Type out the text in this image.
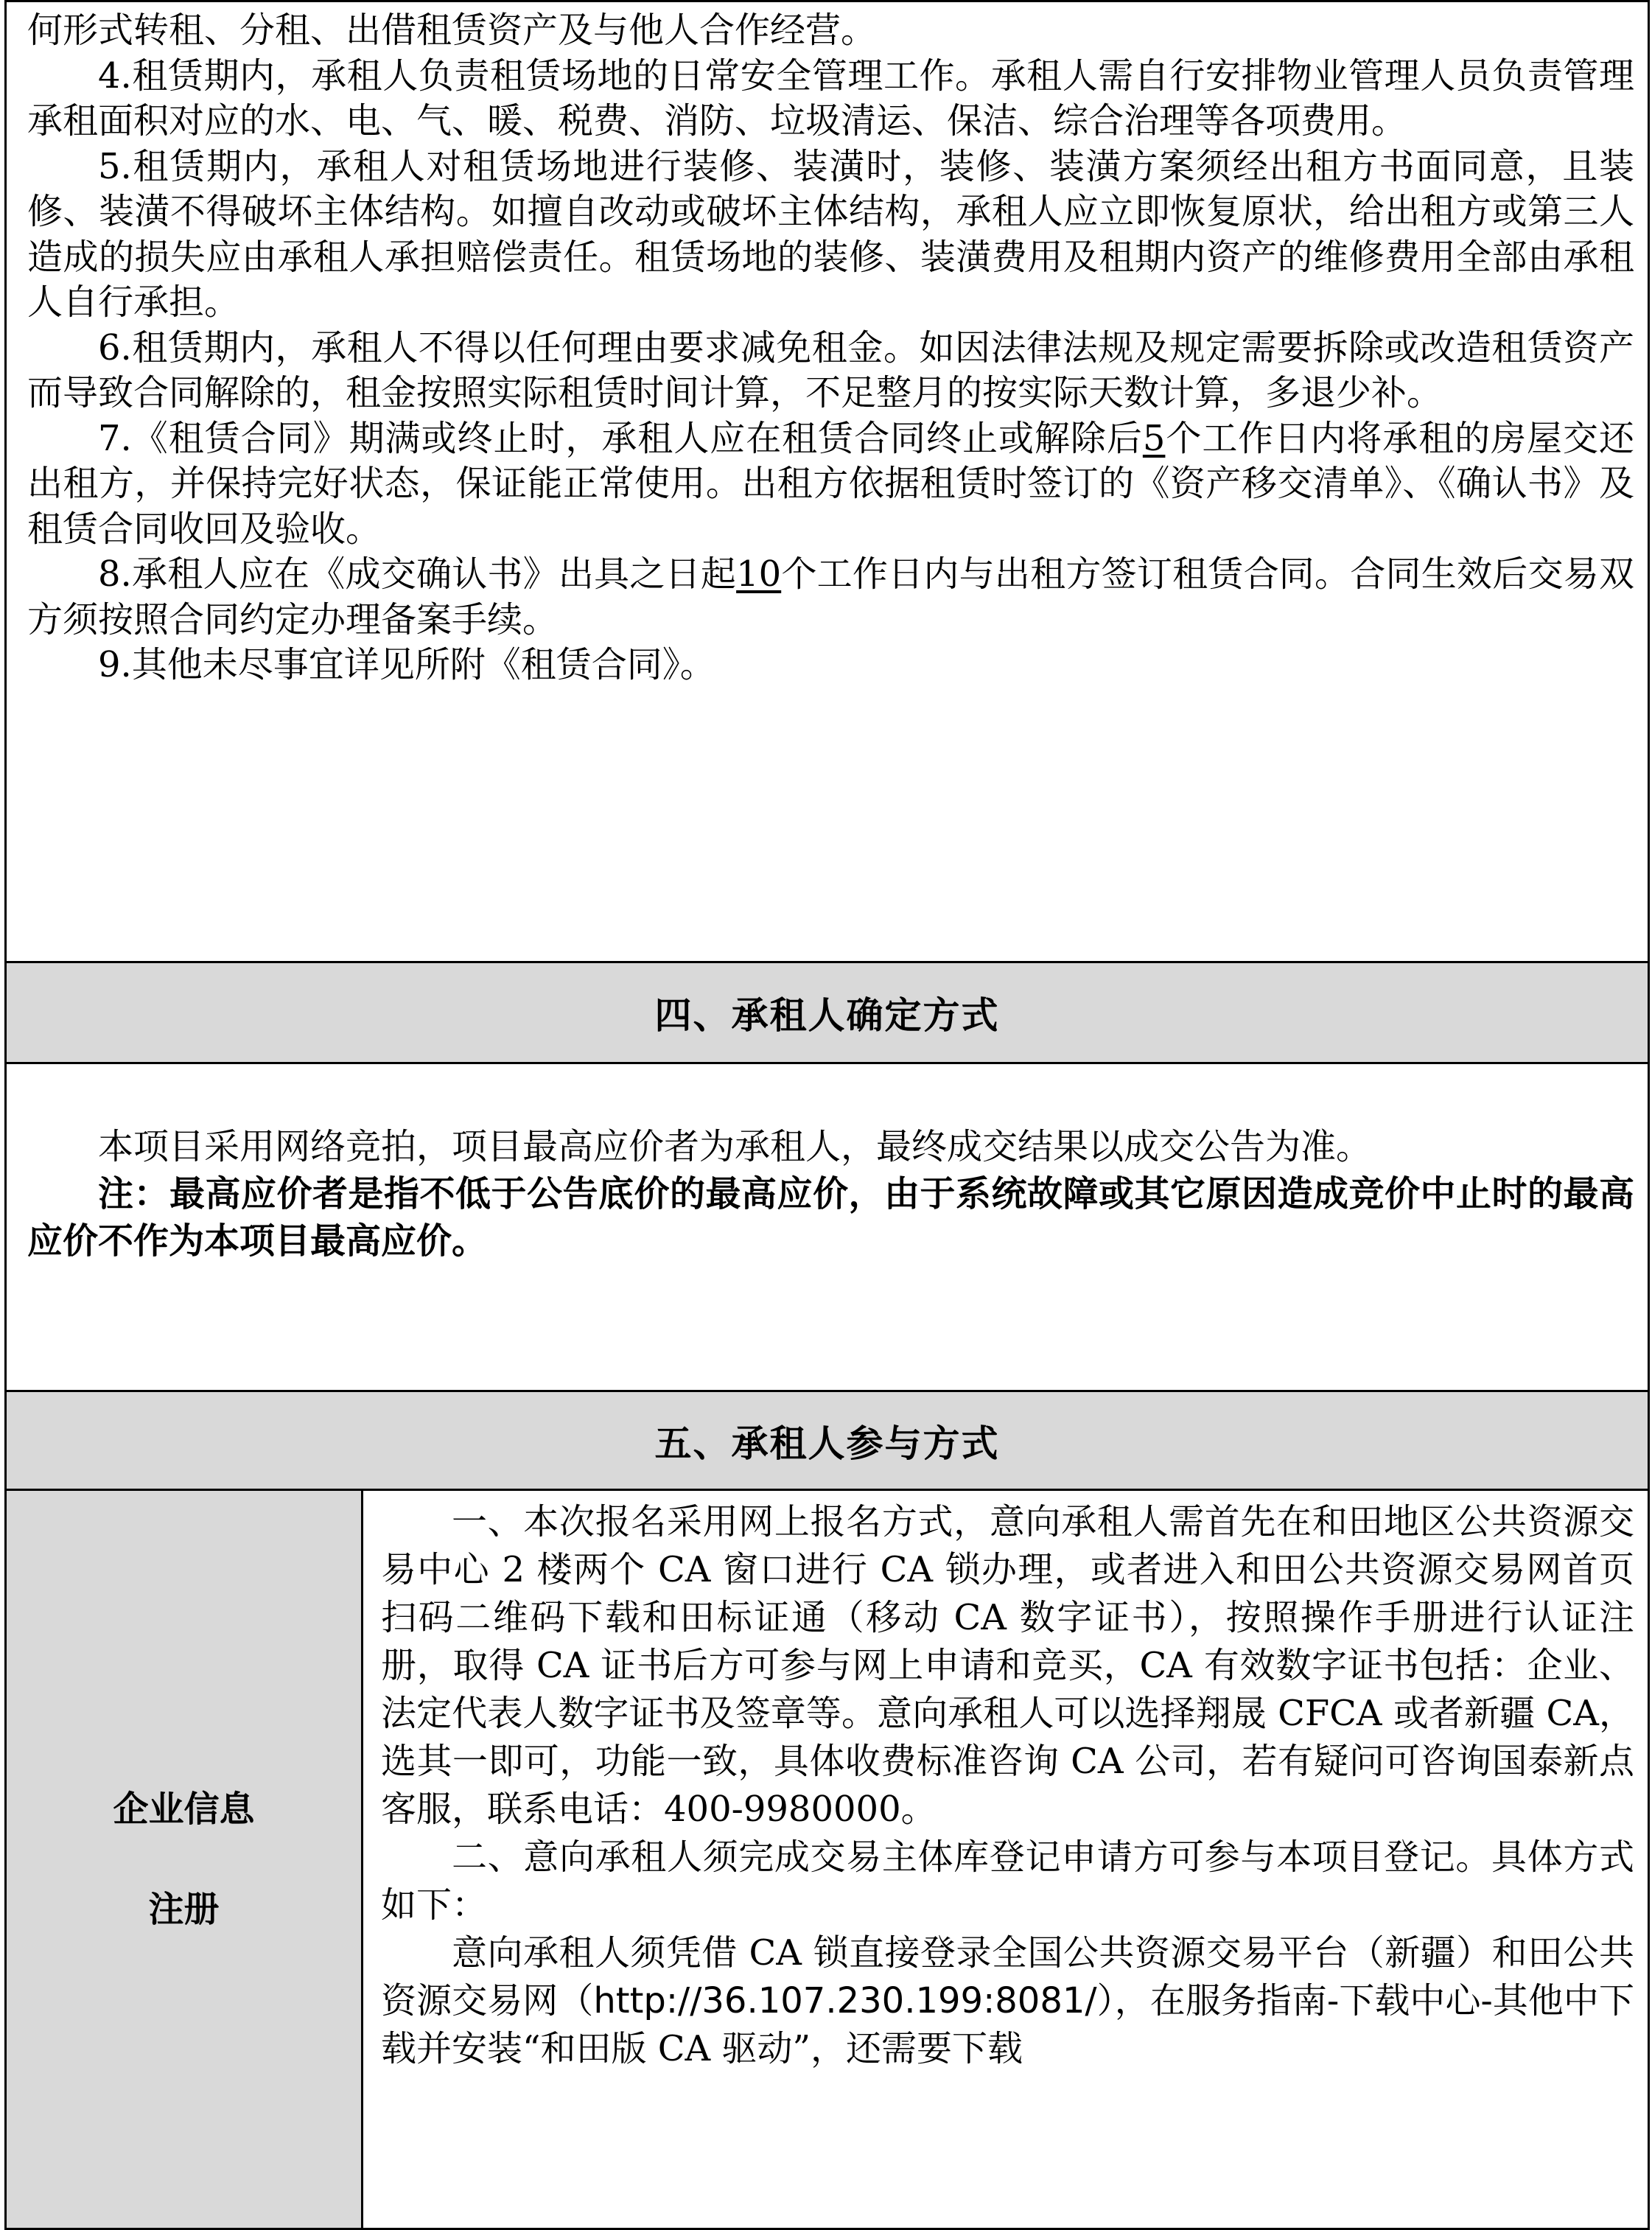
何形式转租、分租、出借租赁资产及与他人合作经营。

4.租赁期内，承租人负责租赁场地的日常安全管理工作。承租人需自行安排物业管理人员负责管理承租面积对应的水、电、气、暖、税费、消防、垃圾清运、保洁、综合治理等各项费用。

5.租赁期内，承租人对租赁场地进行装修、装潢时，装修、装潢方案须经出租方书面同意，且装修、装潢不得破坏主体结构。如擅自改动或破坏主体结构，承租人应立即恢复原状，给出租方或第三人造成的损失应由承租人承担赔偿责任。租赁场地的装修、装潢费用及租期内资产的维修费用全部由承租人自行承担。

6.租赁期内，承租人不得以任何理由要求减免租金。如因法律法规及规定需要拆除或改造租赁资产而导致合同解除的，租金按照实际租赁时间计算，不足整月的按实际天数计算，多退少补。

7.《租赁合同》期满或终止时，承租人应在租赁合同终止或解除后5个工作日内将承租的房屋交还出租方，并保持完好状态，保证能正常使用。出租方依据租赁时签订的《资产移交清单》、《确认书》及租赁合同收回及验收。

8.承租人应在《成交确认书》出具之日起10个工作日内与出租方签订租赁合同。合同生效后交易双方须按照合同约定办理备案手续。

9.其他未尽事宜详见所附《租赁合同》。

四、承租人确定方式

本项目采用网络竞拍，项目最高应价者为承租人，最终成交结果以成交公告为准。

注：最高应价者是指不低于公告底价的最高应价，由于系统故障或其它原因造成竞价中止时的最高应价不作为本项目最高应价。

五、承租人参与方式

企业信息
注册

一、本次报名采用网上报名方式，意向承租人需首先在和田地区公共资源交易中心 2 楼两个 CA 窗口进行 CA 锁办理，或者进入和田公共资源交易网首页扫码二维码下载和田标证通（移动 CA 数字证书），按照操作手册进行认证注册，取得 CA 证书后方可参与网上申请和竞买，CA 有效数字证书包括：企业、法定代表人数字证书及签章等。意向承租人可以选择翔晟 CFCA 或者新疆 CA，选其一即可，功能一致，具体收费标准咨询 CA 公司，若有疑问可咨询国泰新点客服，联系电话：400-9980000。

二、意向承租人须完成交易主体库登记申请方可参与本项目登记。具体方式如下：

意向承租人须凭借 CA 锁直接登录全国公共资源交易平台（新疆）和田公共资源交易网（http://36.107.230.199:8081/），在服务指南-下载中心-其他中下载并安装“和田版 CA 驱动”，还需要下载
